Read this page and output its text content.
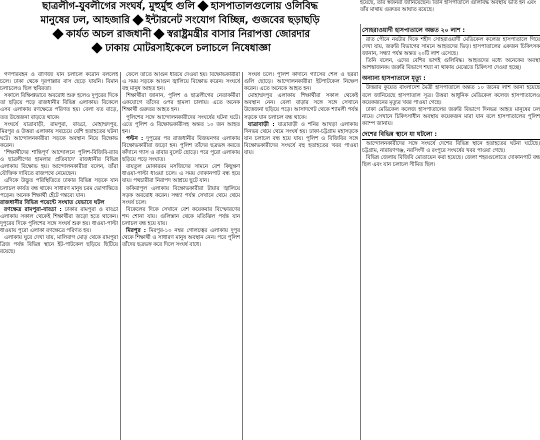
ছাত্রলীগ-যুবলীগের সংঘর্ষ, মুহুর্মুহু গুলি হাসপাতালগুলোয় ওলিবিদ্ধ
মানুষের ঢল, আহজারি ইন্টারনেট সংযোগ বিচ্ছিন্ন, গুজবের ছড়াছড়ি
কার্যত অচল রাজধানী স্বরাষ্ট্রমন্ত্রীর বাসার নিরাপত্তা জোরদার
ঢাকায় মোটরসাইকেলে চলাচলে নিষেধাজ্ঞা
হয়েছে, তাঁর স্বজনরা জানিয়েছেন। তিনি হাসপাতালে গুলিবিদ্ধ অবস্থায় ভর্তি হন এবং তাঁর মাথায় গুরুতর আঘাত রয়েছে।

গণপরিবহন ও বাণিজ্য যান চলাচল করেনি বললেই চলে। ঢাকা থেকে দূরপাল্লার বাস ছেড়ে যায়নি। বিমান চলাচলেও ছিল স্থবিরতা।

সকালে বিক্ষিপ্তভাবে অবরোধ শুরু হলেও দুপুরের দিকে তা ছড়িয়ে পড়ে রাজধানীর বিভিন্ন এলাকায়। বিকেলে এসব এলাকায় রণক্ষেত্রে পরিণত হয়। বেলা যত বাড়ে, তত উত্তেজনা বাড়তে থাকে।

সংঘর্ষে যাত্রাবাড়ী, রামপুরা, বাড্ডা, মোহাম্মদপুর, মিরপুর ও উত্তরা এলাকায় সবচেয়ে বেশি হতাহতের ঘটনা ঘটে। আন্দোলনকারীরা সড়কে অবস্থান নিয়ে বিক্ষোভ করেন।

'শিক্ষার্থীদের শান্তিপূর্ণ আন্দোলনে পুলিশ-বিজিবি-র‍্যাব ও ছাত্রলীগের হামলার প্রতিবাদে' রাজধানীর বিভিন্ন এলাকায় বিক্ষোভ হয়। আন্দোলনকারীরা বলেন, তাঁরা যৌক্তিক দাবিতে রাজপথে নেমেছেন।

এদিকে উদ্ভূত পরিস্থিতিতে ঢাকার বিভিন্ন সড়কে যান চলাচল কার্যত বন্ধ থাকে। সাধারণ মানুষ চরম ভোগান্তিতে পড়েন। অনেক শিক্ষার্থী হেঁটে গন্তব্যে যান।

রাজধানীর বিভিন্ন পয়েন্টে সংঘাত যেভাবে ঘটল

রণক্ষেত্র রামপুরা-বাড্ডা : ঢাকার রামপুরা ও বাড্ডা এলাকায় সকাল থেকেই শিক্ষার্থীরা জড়ো হতে থাকেন। দুপুরের দিকে পুলিশের সঙ্গে সংঘর্ষ শুরু হয়। ধাওয়া-পাল্টা ধাওয়ায় পুরো এলাকা রণক্ষেত্রে পরিণত হয়।

এলাকায় ঘুরে দেখা যায়, মালিবাগ মোড় থেকে রামপুরা ব্রিজ পর্যন্ত বিভিন্ন স্থানে ইট-পাটকেল ছড়িয়ে ছিটিয়ে রয়েছে।

ফেলে তাতে আগুন ধরিয়ে দেওয়া হয়। বিক্ষোভকারীরা এ সময় সড়কে আগুন জ্বালিয়ে বিক্ষোভ করেন। সংঘর্ষে বহু মানুষ আহত হন।

শিক্ষার্থীরা জানান, পুলিশ ও ছাত্রলীগের নেতাকর্মীরা একযোগে তাঁদের ওপর হামলা চালায়। এতে অনেক শিক্ষার্থী গুরুতর আহত হন।

পুলিশের সঙ্গে আন্দোলনকারীদের সংঘর্ষের ঘটনা ঘটে। এতে পুলিশ ও বিক্ষোভকারীসহ অন্তত ১০ জন আহত হন।

পল্টন : দুপুরের পর রাজধানীর বিজয়নগর এলাকায় বিক্ষোভকারীরা জড়ো হন। পুলিশ তাঁদের ছত্রভঙ্গ করতে কাঁদানে গ্যাস ও রাবার বুলেট ছোড়ে। পরে পুরো এলাকায় ছড়িয়ে পড়ে সংঘাত।

বায়তুল মোকাররম মসজিদের সামনে বেশ কিছুক্ষণ ধাওয়া-পাল্টা ধাওয়া চলে। এ সময় দোকানপাট বন্ধ হয়ে যায়। পথচারীরা নিরাপদ আশ্রয়ে ছুটে যান।

ফকিরাপুল এলাকায় বিক্ষোভকারীরা টায়ার জ্বালিয়ে সড়ক অবরোধ করেন। সন্ধ্যা পর্যন্ত সেখানে থেমে থেমে সংঘর্ষ চলে।

বিকেলের দিকে সেখানে বেশ কয়েকবার বিস্ফোরণের শব্দ শোনা যায়। গুলিস্তান থেকে মতিঝিল পর্যন্ত যান চলাচল বন্ধ হয়ে যায়।

মিরপুর : মিরপুর-১০ নম্বর গোলচত্বর এলাকায় দুপুর থেকে শিক্ষার্থী ও সাধারণ মানুষ অবস্থান নেন। পরে পুলিশ তাঁদের ছত্রভঙ্গ করে দিলে সংঘর্ষ বাধে।

সংঘর্ষ চলে। পুলিশ কাঁদানে গ্যাসের শেল ও ছররা গুলি ছোড়ে। আন্দোলনকারীরা ইটপাটকেল নিক্ষেপ করেন। এতে অনেকে আহত হন।

মোহাম্মদপুর এলাকায় শিক্ষার্থীরা সকাল থেকেই অবস্থান নেন। বেলা বাড়ার সঙ্গে সঙ্গে সেখানে উত্তেজনা ছড়িয়ে পড়ে। আসাদগেট থেকে শ্যামলী পর্যন্ত সড়কে যান চলাচল বন্ধ থাকে।

যাত্রাবাড়ী : যাত্রাবাড়ী ও শনির আখড়া এলাকায় দিনভর থেমে থেমে সংঘর্ষ হয়। ঢাকা-চট্টগ্রাম মহাসড়কে যান চলাচল বন্ধ হয়ে যায়। পুলিশ ও বিজিবির সঙ্গে বিক্ষোভকারীদের সংঘর্ষে বহু হতাহতের খবর পাওয়া যায়।

সোহরাওয়ার্দী হাসপাতালে অন্তত ২০ লাশ :

রাত পৌনে নয়টার দিকে শহীদ সোহরাওয়ার্দী মেডিকেল কলেজ হাসপাতালে গিয়ে দেখা যায়, জরুরি বিভাগের সামনে আহতদের ভিড়। হাসপাতালের একজন চিকিৎসক জানান, সন্ধ্যা পর্যন্ত অন্তত ২০টি লাশ এসেছে।

তিনি বলেন, এদের বেশির ভাগই গুলিবিদ্ধ। আহতদের মধ্যে অনেকের অবস্থা আশঙ্কাজনক। জরুরি বিভাগে শয্যা না থাকায় মেঝেতে চিকিৎসা দেওয়া হচ্ছে।

অন্যান্য হাসপাতালে মৃত্যু :

উত্তরার কুয়েত বাংলাদেশ মৈত্রী হাসপাতালে অন্তত ১০ জনের লাশ আনা হয়েছে বলে জানিয়েছে হাসপাতাল সূত্র। উত্তরা আধুনিক মেডিকেল কলেজ হাসপাতালেও কয়েকজনের মৃত্যুর খবর পাওয়া গেছে।

ঢাকা মেডিকেল কলেজ হাসপাতালের জরুরি বিভাগে দিনভর আহত মানুষের ঢল নামে। সেখানে চিকিৎসাধীন অবস্থায় কয়েকজন মারা যান বলে হাসপাতালের পুলিশ ক্যাম্প জানায়।

দেশের বিভিন্ন স্থানে যা ঘটলো :

আন্দোলনকারীদের সঙ্গে সংঘর্ষে দেশের বিভিন্ন স্থানে হতাহতের ঘটনা ঘটেছে। চট্টগ্রাম, নারায়ণগঞ্জ, নরসিংদী ও রংপুরে সংঘর্ষের খবর পাওয়া গেছে।

বিভিন্ন জেলায় বিজিবি মোতায়েন করা হয়েছে। জেলা শহরগুলোতে দোকানপাট বন্ধ ছিল এবং যান চলাচল সীমিত ছিল।
